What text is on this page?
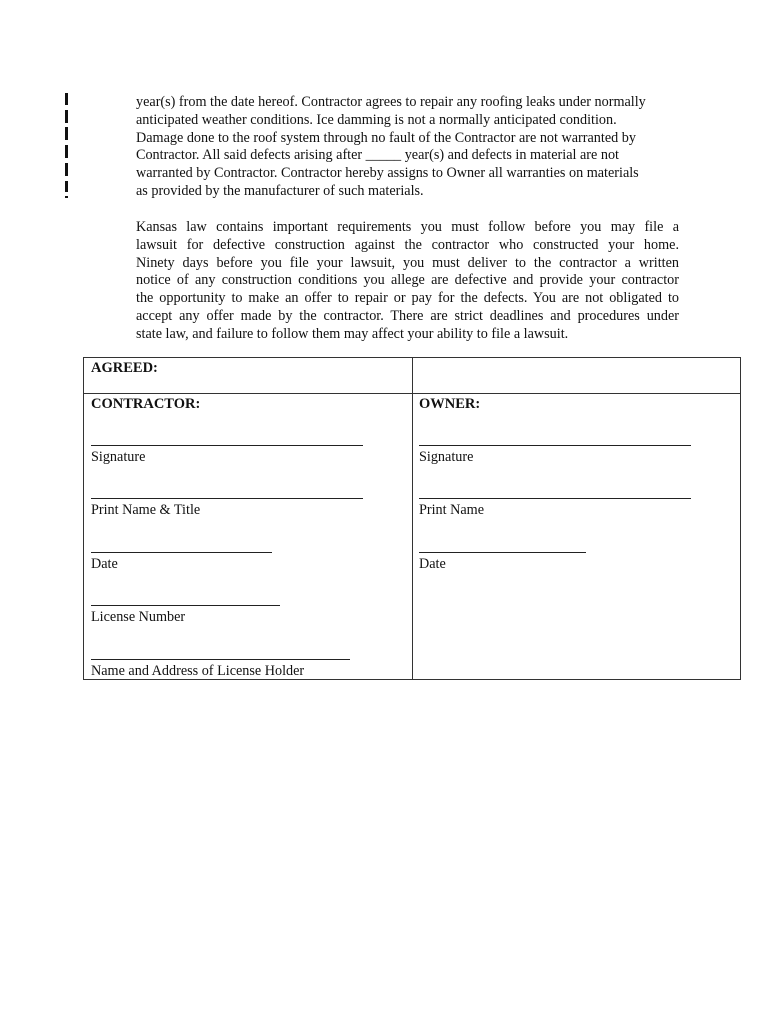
year(s) from the date hereof. Contractor agrees to repair any roofing leaks under normally
anticipated weather conditions. Ice damming is not a normally anticipated condition.
Damage done to the roof system through no fault of the Contractor are not warranted by
Contractor. All said defects arising after _____ year(s) and defects in material are not
warranted by Contractor. Contractor hereby assigns to Owner all warranties on materials
as provided by the manufacturer of such materials.
Kansas law contains important requirements you must follow before you may file a
lawsuit for defective construction against the contractor who constructed your home.
Ninety days before you file your lawsuit, you must deliver to the contractor a written
notice of any construction conditions you allege are defective and provide your contractor
the opportunity to make an offer to repair or pay for the defects. You are not obligated to
accept any offer made by the contractor. There are strict deadlines and procedures under
state law, and failure to follow them may affect your ability to file a lawsuit.
AGREED:
CONTRACTOR:
Signature
Print Name & Title
Date
License Number
Name and Address of License Holder
OWNER:
Signature
Print Name
Date
